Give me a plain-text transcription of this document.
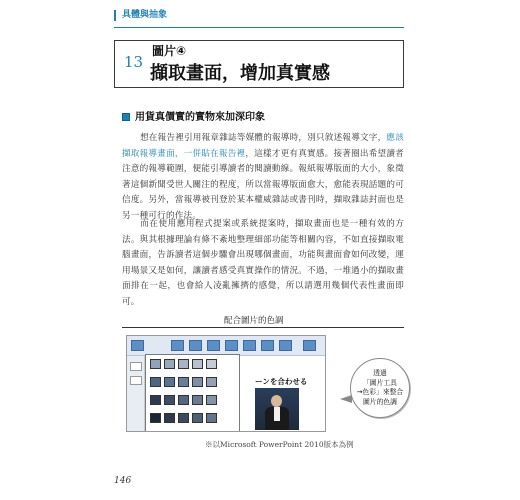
具體與抽象
13
圖片④
擷取畫面，增加真實感
用貨真價實的實物來加深印象
想在報告裡引用報章雜誌等媒體的報導時，別只敘述報導文字，應該擷取報導畫面，一併貼在報告裡，這樣才更有真實感。接著圈出希望讀者注意的報導範圍，便能引導讀者的閱讀動線。報紙報導版面的大小，象徵著這個新聞受世人關注的程度，所以當報導版面愈大，愈能表現話題的可信度。另外，當報導被刊登於某本權威雜誌或書刊時，擷取雜誌封面也是另一種可行的作法。
而在使用應用程式提案或系統提案時，擷取畫面也是一種有效的方法。與其根據理論有條不紊地整理細部功能等相關內容，不如直接擷取電腦畫面，告訴讀者這個步驟會出現哪個畫面，功能與畫面會如何改變，運用場景又是如何，讓讀者感受真實操作的情況。不過，一堆過小的擷取畫面排在一起，也會給人凌亂擁擠的感覺，所以請選用幾個代表性畫面即可。
配合圖片的色調
ーンを合わせる
透過
「圖片工具
→色彩」來整合
圖片的色調
※以Microsoft PowerPoint 2010版本為例
146
